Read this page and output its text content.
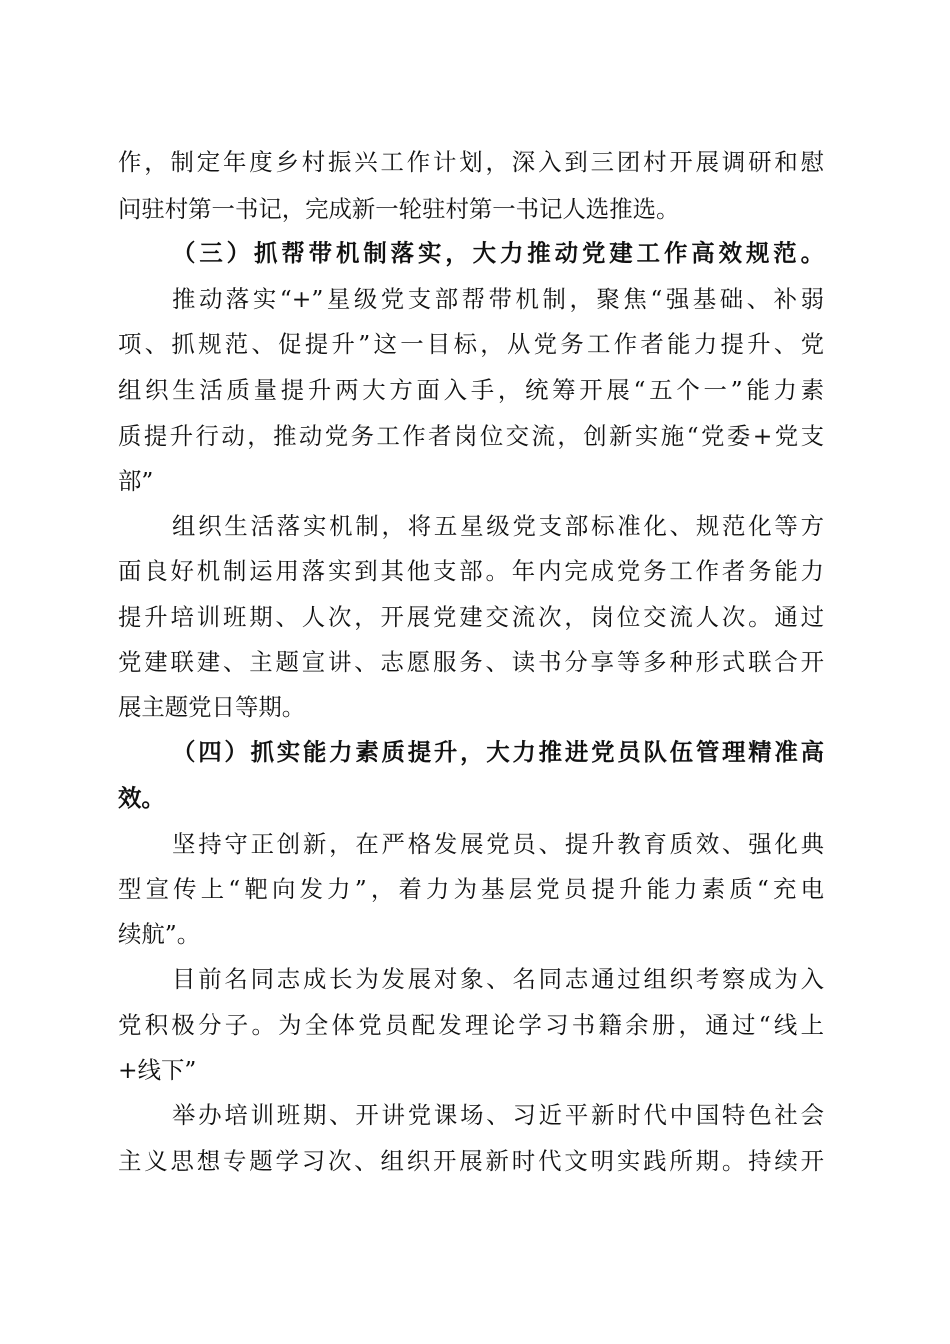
作，制定年度乡村振兴工作计划，深入到三团村开展调研和慰
问驻村第一书记，完成新一轮驻村第一书记人选推选。
（三）抓帮带机制落实，大力推动党建工作高效规范。
推动落实“+”星级党支部帮带机制，聚焦“强基础、补弱
项、抓规范、促提升”这一目标，从党务工作者能力提升、党
组织生活质量提升两大方面入手，统筹开展“五个一”能力素
质提升行动，推动党务工作者岗位交流，创新实施“党委+党支
部”
组织生活落实机制，将五星级党支部标准化、规范化等方
面良好机制运用落实到其他支部。年内完成党务工作者务能力
提升培训班期、人次，开展党建交流次，岗位交流人次。通过
党建联建、主题宣讲、志愿服务、读书分享等多种形式联合开
展主题党日等期。
（四）抓实能力素质提升，大力推进党员队伍管理精准高
效。
坚持守正创新，在严格发展党员、提升教育质效、强化典
型宣传上“靶向发力”，着力为基层党员提升能力素质“充电
续航”。
目前名同志成长为发展对象、名同志通过组织考察成为入
党积极分子。为全体党员配发理论学习书籍余册，通过“线上
+线下”
举办培训班期、开讲党课场、习近平新时代中国特色社会
主义思想专题学习次、组织开展新时代文明实践所期。持续开
